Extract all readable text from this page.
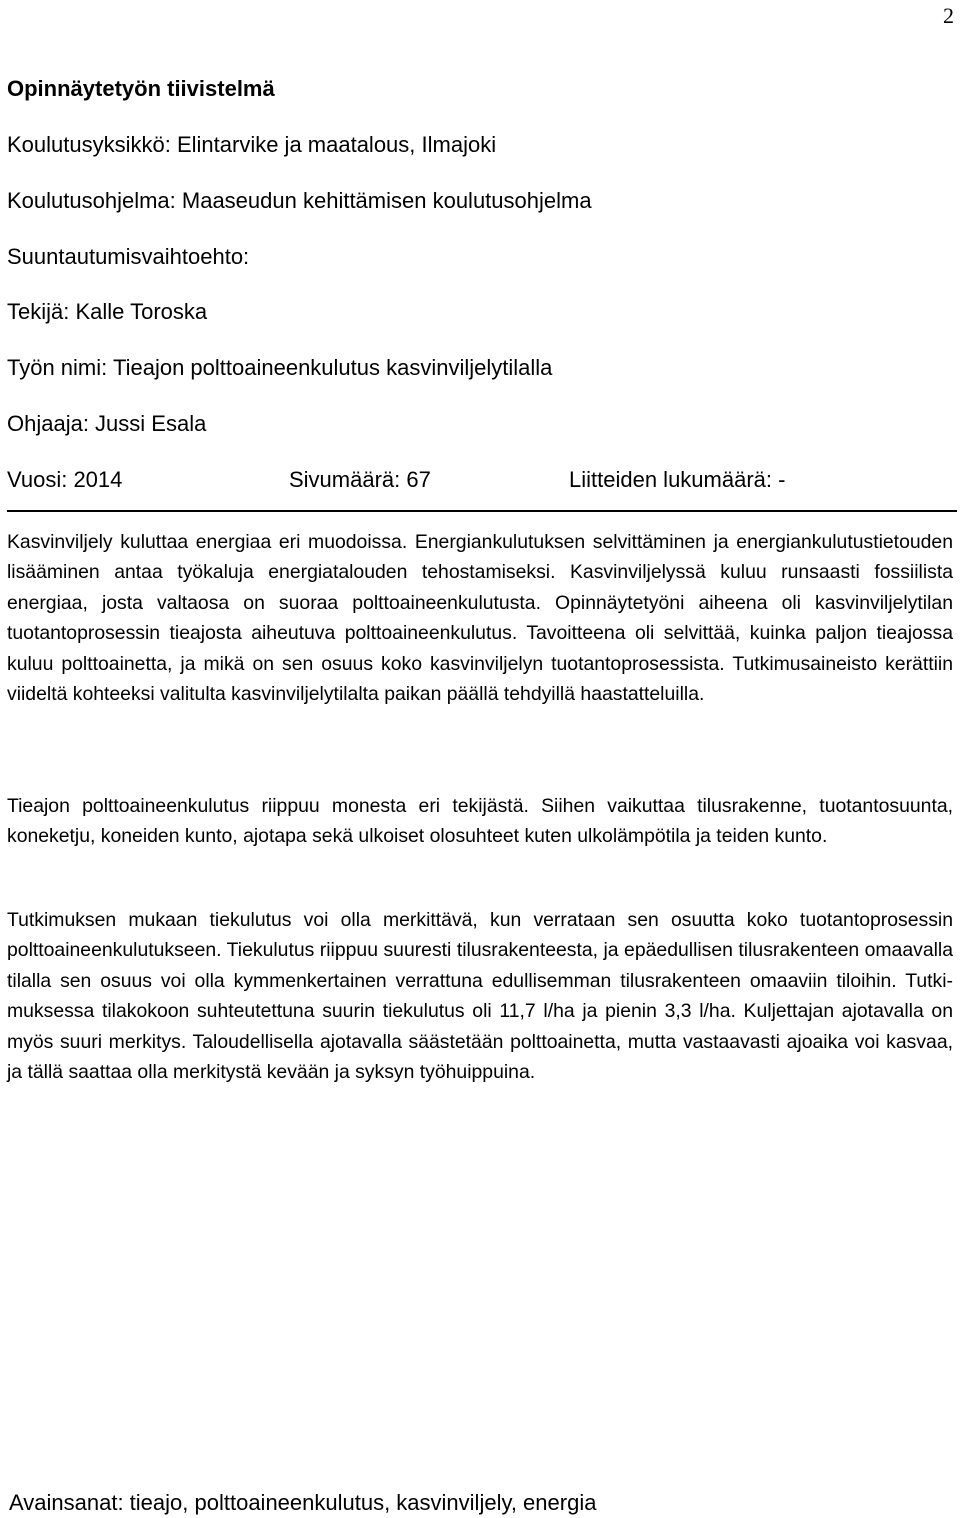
2
Opinnäytetyön tiivistelmä
Koulutusyksikkö: Elintarvike ja maatalous, Ilmajoki
Koulutusohjelma: Maaseudun kehittämisen koulutusohjelma
Suuntautumisvaihtoehto:
Tekijä: Kalle Toroska
Työn nimi: Tieajon polttoaineenkulutus kasvinviljelytilalla
Ohjaaja: Jussi Esala
Vuosi: 2014	Sivumäärä: 67	Liitteiden lukumäärä: -

Kasvinviljely kuluttaa energiaa eri muodoissa. Energiankulutuksen selvittäminen ja energiankulutustietouden lisääminen antaa työkaluja energiatalouden tehostamiseksi. Kasvinviljelyssä kuluu runsaasti fossiilista energiaa, josta valtaosa on suoraa polttoaineenkulutusta. Opinnäytetyöni aiheena oli kasvinviljelytilan tuotantoprosessin tieajosta aiheutuva polttoaineenkulutus. Tavoitteena oli selvittää, kuinka paljon tieajossa kuluu polttoainetta, ja mikä on sen osuus koko kasvinviljelyn tuotantoprosessista. Tutkimusaineisto kerättiin viideltä kohteeksi valitulta kasvinviljelytilalta paikan päällä tehdyillä haastatteluilla.

Tieajon polttoaineenkulutus riippuu monesta eri tekijästä. Siihen vaikuttaa tilusrakenne, tuotantosuunta, koneketju, koneiden kunto, ajotapa sekä ulkoiset olosuhteet kuten ulkolämpötila ja teiden kunto.

Tutkimuksen mukaan tiekulutus voi olla merkittävä, kun verrataan sen osuutta koko tuotantoprosessin polttoaineenkulutukseen. Tiekulutus riippuu suuresti tilusrakenteesta, ja epäedullisen tilusrakenteen omaavalla tilalla sen osuus voi olla kymmenkertainen verrattuna edullisemman tilusrakenteen omaaviin tiloihin. Tutkimuksessa tilakokoon suhteutettuna suurin tiekulutus oli 11,7 l/ha ja pienin 3,3 l/ha. Kuljettajan ajotavalla on myös suuri merkitys. Taloudellisella ajotavalla säästetään polttoainetta, mutta vastaavasti ajoaika voi kasvaa, ja tällä saattaa olla merkitystä kevään ja syksyn työhuippuina.

Avainsanat: tieajo, polttoaineenkulutus, kasvinviljely, energia
